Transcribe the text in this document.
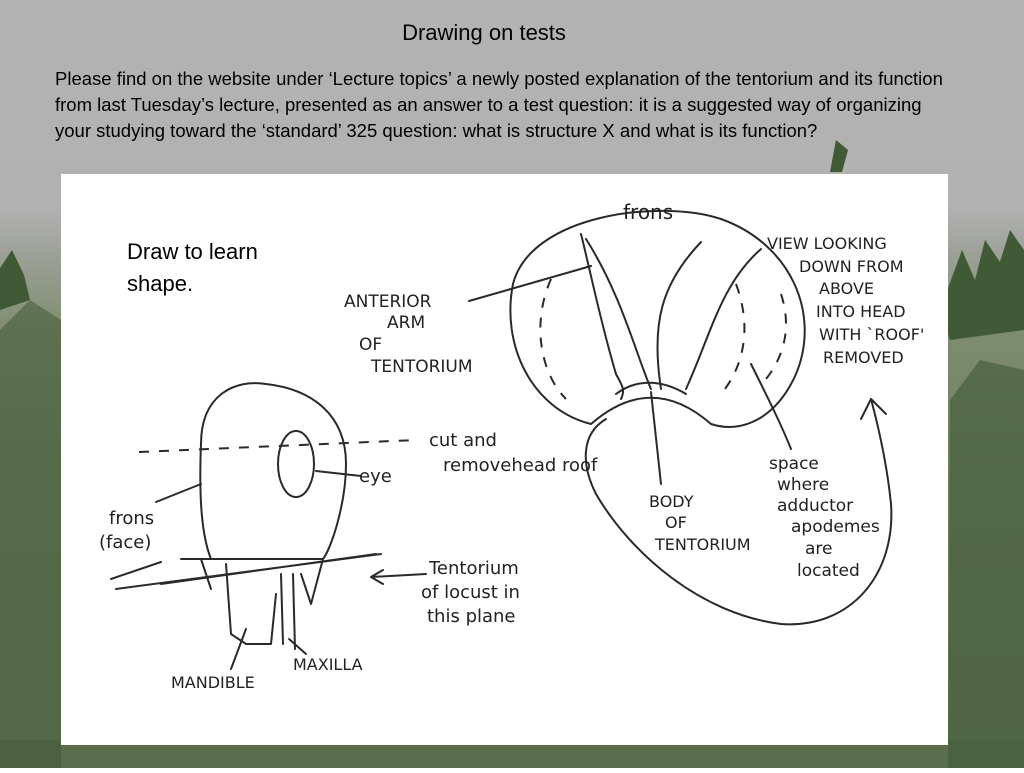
Drawing on tests

Please find on the website under ‘Lecture topics’ a newly posted explanation of the tentorium and its function from last Tuesday’s lecture, presented as an answer to a test question: it is a suggested way of organizing your studying toward the ‘standard’ 325 question: what is structure X and what is its function?

frons
VIEW LOOKING
DOWN FROM
ABOVE
INTO HEAD
WITH `ROOF'
REMOVED
ANTERIOR
ARM
OF
TENTORIUM
cut and
removehead roof
eye
frons
(face)
Tentorium
of locust in
this plane
BODY
OF
TENTORIUM
space
where
adductor
apodemes
are
located
MANDIBLE
MAXILLA

Draw to learn
shape.
